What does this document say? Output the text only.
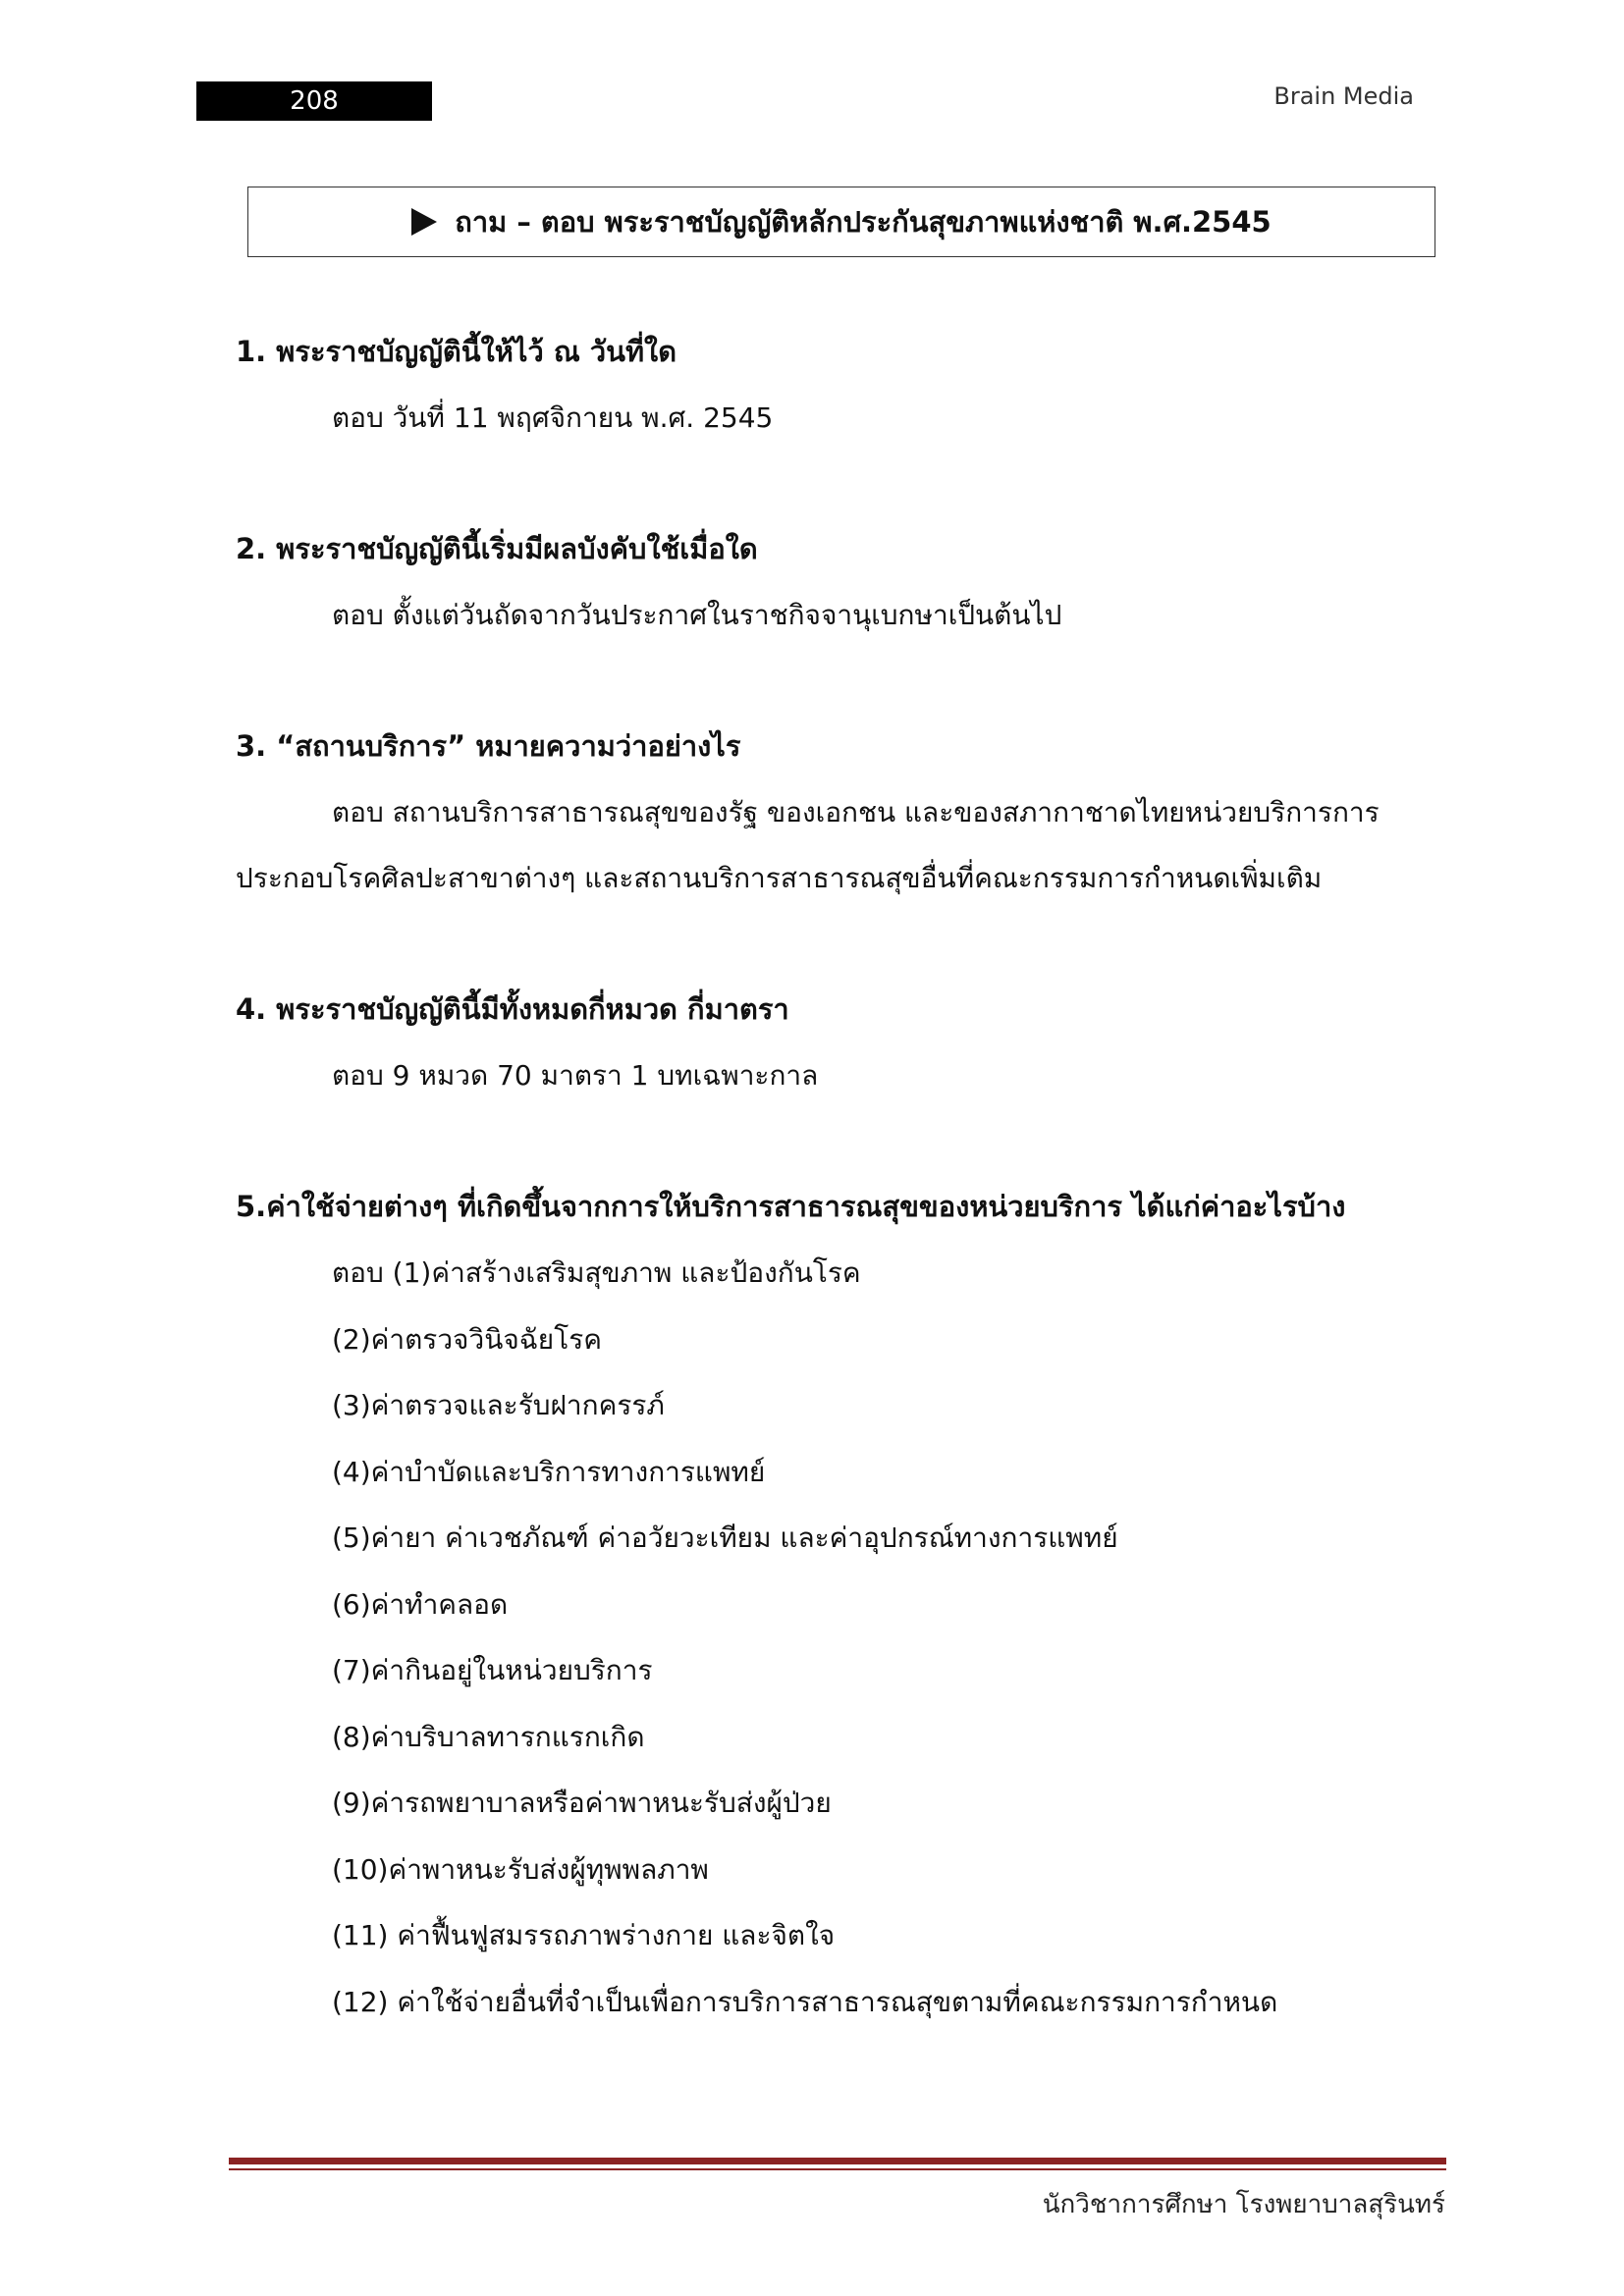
208	Brain Media
ถาม – ตอบ พระราชบัญญัติหลักประกันสุขภาพแห่งชาติ พ.ศ.2545

1. พระราชบัญญัตินี้ให้ไว้ ณ วันที่ใด

ตอบ วันที่ 11 พฤศจิกายน พ.ศ. 2545

2. พระราชบัญญัตินี้เริ่มมีผลบังคับใช้เมื่อใด

ตอบ ตั้งแต่วันถัดจากวันประกาศในราชกิจจานุเบกษาเป็นต้นไป

3. “สถานบริการ” หมายความว่าอย่างไร

ตอบ สถานบริการสาธารณสุขของรัฐ ของเอกชน และของสภากาชาดไทยหน่วยบริการการประกอบโรคศิลปะสาขาต่างๆ และสถานบริการสาธารณสุขอื่นที่คณะกรรมการกำหนดเพิ่มเติม

4. พระราชบัญญัตินี้มีทั้งหมดกี่หมวด กี่มาตรา

ตอบ 9 หมวด 70 มาตรา 1 บทเฉพาะกาล

5.ค่าใช้จ่ายต่างๆ ที่เกิดขึ้นจากการให้บริการสาธารณสุขของหน่วยบริการ ได้แก่ค่าอะไรบ้าง

ตอบ (1)ค่าสร้างเสริมสุขภาพ และป้องกันโรค
(2)ค่าตรวจวินิจฉัยโรค
(3)ค่าตรวจและรับฝากครรภ์
(4)ค่าบำบัดและบริการทางการแพทย์
(5)ค่ายา ค่าเวชภัณฑ์ ค่าอวัยวะเทียม และค่าอุปกรณ์ทางการแพทย์
(6)ค่าทำคลอด
(7)ค่ากินอยู่ในหน่วยบริการ
(8)ค่าบริบาลทารกแรกเกิด
(9)ค่ารถพยาบาลหรือค่าพาหนะรับส่งผู้ป่วย
(10)ค่าพาหนะรับส่งผู้ทุพพลภาพ
(11) ค่าฟื้นฟูสมรรถภาพร่างกาย และจิตใจ
(12) ค่าใช้จ่ายอื่นที่จำเป็นเพื่อการบริการสาธารณสุขตามที่คณะกรรมการกำหนด
นักวิชาการศึกษา โรงพยาบาลสุรินทร์
